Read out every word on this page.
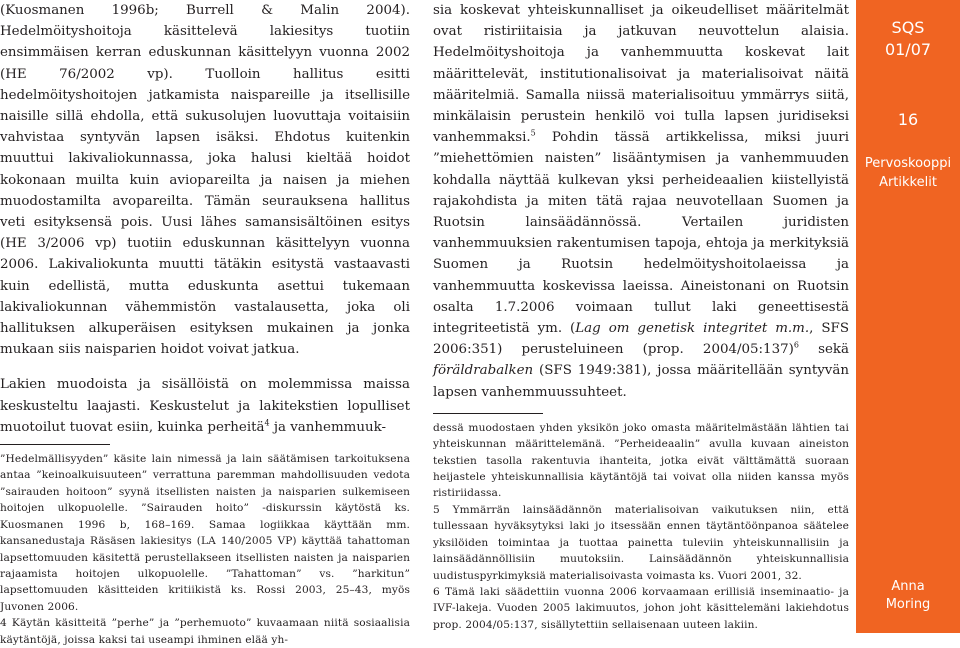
(Kuosmanen 1996b; Burrell & Malin 2004). Hedelmöityshoitoja käsittelevä lakiesitys tuotiin ensimmäisen kerran eduskunnan käsittelyyn vuonna 2002 (HE 76/2002 vp). Tuolloin hallitus esitti hedelmöityshoitojen jatkamista naispareille ja itsellisille naisille sillä ehdolla, että sukusolujen luovuttaja voitaisiin vahvistaa syntyvän lapsen isäksi. Ehdotus kuitenkin muuttui lakivaliokunnassa, joka halusi kieltää hoidot kokonaan muilta kuin aviopareilta ja naisen ja miehen muodostamilta avopareilta. Tämän seurauksena hallitus veti esityksensä pois. Uusi lähes samansisältöinen esitys (HE 3/2006 vp) tuotiin eduskunnan käsittelyyn vuonna 2006. Lakivaliokunta muutti tätäkin esitystä vastaavasti kuin edellistä, mutta eduskunta asettui tukemaan lakivaliokunnan vähemmistön vastalausetta, joka oli hallituksen alkuperäisen esityksen mukainen ja jonka mukaan siis naisparien hoidot voivat jatkua.

Lakien muodoista ja sisällöistä on molemmissa maissa keskusteltu laajasti. Keskustelut ja lakitekstien lopulliset muotoilut tuovat esiin, kuinka perheitä$^4$ ja vanhemmuuk-

”Hedelmällisyyden” käsite lain nimessä ja lain säätämisen tarkoituksena antaa ”keinoalkuisuuteen” verrattuna paremman mahdollisuuden vedota ”sairauden hoitoon” syynä itsellisten naisten ja naisparien sulkemiseen hoitojen ulkopuolelle. ”Sairauden hoito” -diskurssin käytöstä ks. Kuosmanen 1996 b, 168–169. Samaa logiikkaa käyttään mm. kansanedustaja Räsäsen lakiesitys (LA 140/2005 VP) käyttää tahattoman lapsettomuuden käsitettä perustellakseen itsellisten naisten ja naisparien rajaamista hoitojen ulkopuolelle. ”Tahattoman” vs. ”harkitun” lapsettomuuden käsitteiden kritiikistä ks. Rossi 2003, 25–43, myös Juvonen 2006.

4 Käytän käsitteitä ”perhe” ja ”perhemuoto” kuvaamaan niitä sosiaalisia käytäntöjä, joissa kaksi tai useampi ihminen elää yh-

sia koskevat yhteiskunnalliset ja oikeudelliset määritelmät ovat ristiriitaisia ja jatkuvan neuvottelun alaisia. Hedelmöityshoitoja ja vanhemmuutta koskevat lait määrittelevät, institutionalisoivat ja materialisoivat näitä määritelmiä. Samalla niissä materialisoituu ymmärrys siitä, minkälaisin perustein henkilö voi tulla lapsen juridiseksi vanhemmaksi.$^5$ Pohdin tässä artikkelissa, miksi juuri ”miehettömien naisten” lisääntymisen ja vanhemmuuden kohdalla näyttää kulkevan yksi perheideaalien kiistellyistä rajakohdista ja miten tätä rajaa neuvotellaan Suomen ja Ruotsin lainsäädännössä. Vertailen juridisten vanhemmuuksien rakentumisen tapoja, ehtoja ja merkityksiä Suomen ja Ruotsin hedelmöityshoitolaeissa ja vanhemmuutta koskevissa laeissa. Aineistonani on Ruotsin osalta 1.7.2006 voimaan tullut laki geneettisestä integriteetistä ym. (Lag om genetisk integritet m.m., SFS 2006:351) perusteluineen (prop. 2004/05:137)$^6$ sekä föräldrabalken (SFS 1949:381), jossa määritellään syntyvän lapsen vanhemmuussuhteet.

dessä muodostaen yhden yksikön joko omasta määritelmästään lähtien tai yhteiskunnan määrittelemänä. ”Perheideaalin” avulla kuvaan aineiston tekstien tasolla rakentuvia ihanteita, jotka eivät välttämättä suoraan heijastele yhteiskunnallisia käytäntöjä tai voivat olla niiden kanssa myös ristiriidassa.

5 Ymmärrän lainsäädännön materialisoivan vaikutuksen niin, että tullessaan hyväksytyksi laki jo itsessään ennen täytäntöönpanoa säätelee yksilöiden toimintaa ja tuottaa painetta tuleviin yhteiskunnallisiin ja lainsäädännöllisiin muutoksiin. Lainsäädännön yhteiskunnallisia uudistuspyrkimyksiä materialisoivasta voimasta ks. Vuori 2001, 32.

6 Tämä laki säädettiin vuonna 2006 korvaamaan erillisiä inseminaatio- ja IVF-lakeja. Vuoden 2005 lakimuutos, johon joht käsittelemäni lakiehdotus prop. 2004/05:137, sisällytettiin sellaisenaan uuteen lakiin.

SQS
01/07
16
Pervoskooppi
Artikkelit
Anna
Moring
